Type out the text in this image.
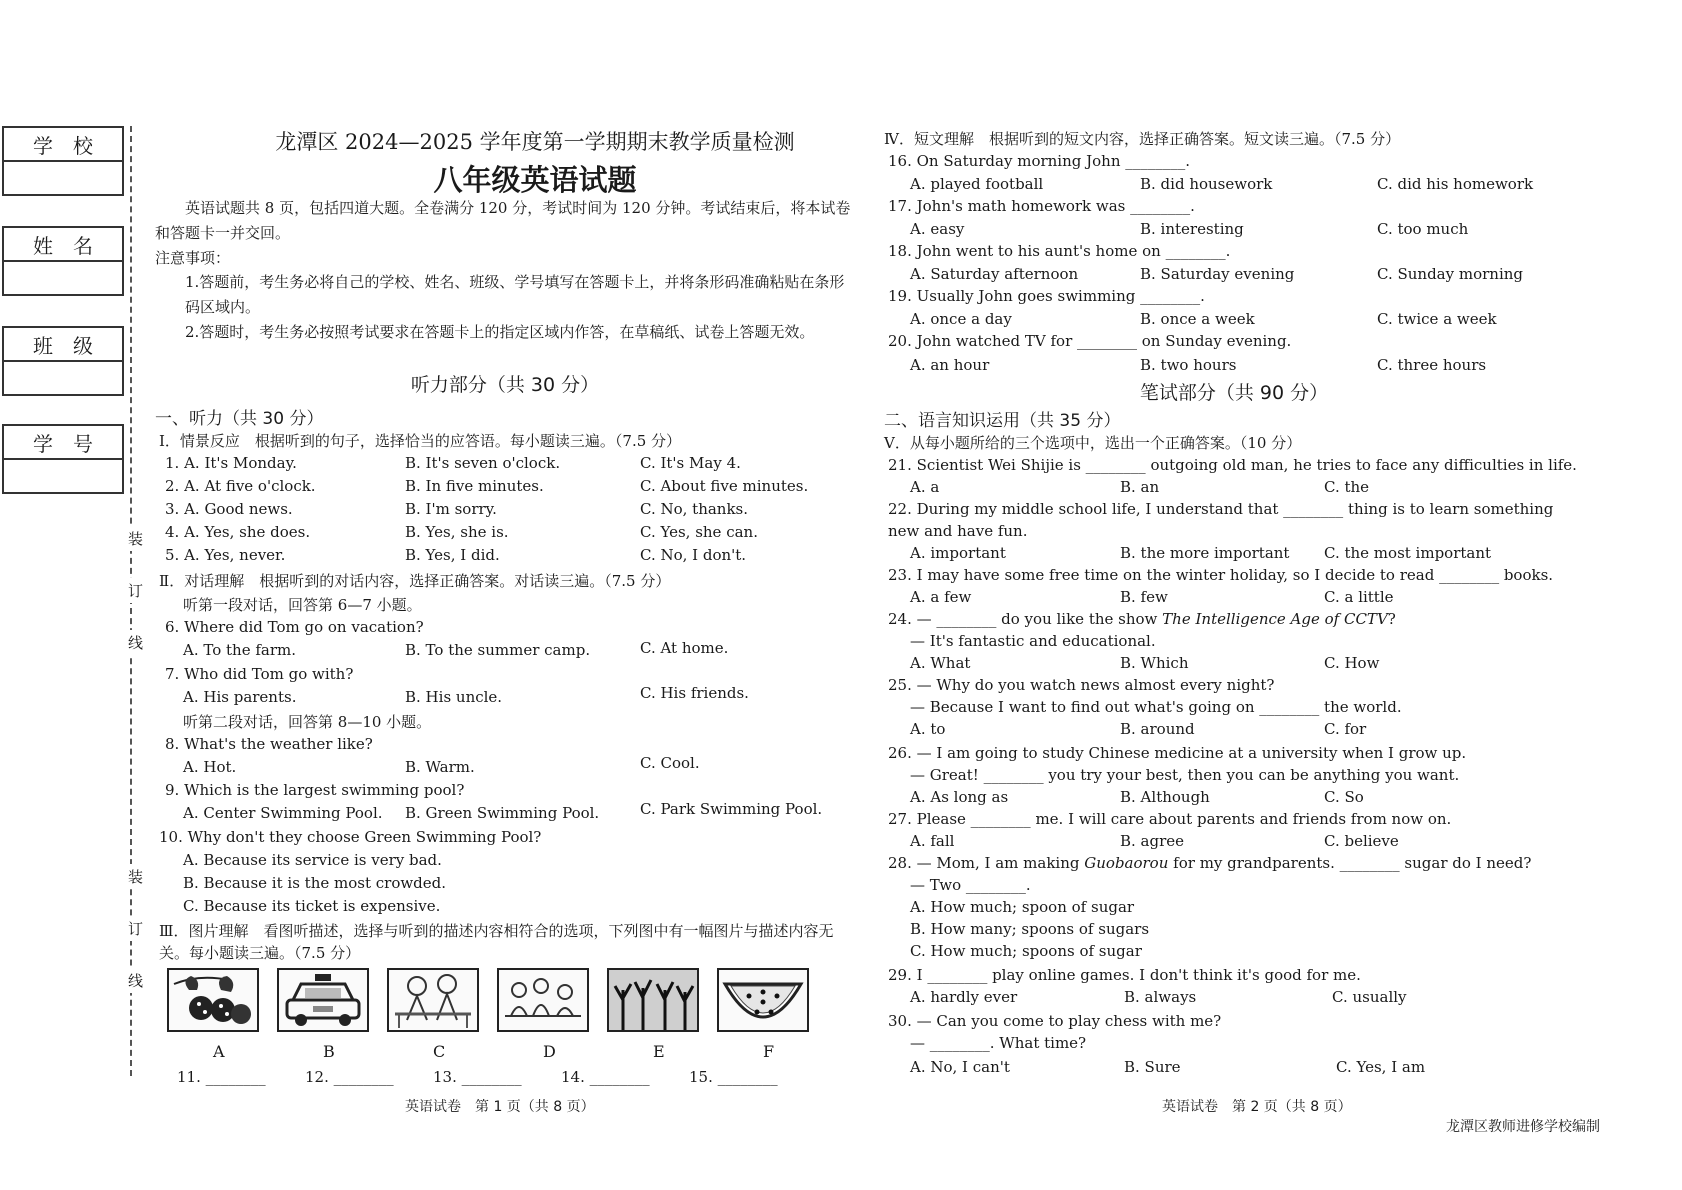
学　校
姓　名
班　级
学　号
装
订
线
装
订
线
龙潭区 2024—2025 学年度第一学期期末教学质量检测
八年级英语试题
英语试题共 8 页，包括四道大题。全卷满分 120 分，考试时间为 120 分钟。考试结束后，将本试卷和答题卡一并交回。
注意事项：
1.答题前，考生务必将自己的学校、姓名、班级、学号填写在答题卡上，并将条形码准确粘贴在条形码区域内。
2.答题时，考生务必按照考试要求在答题卡上的指定区域内作答，在草稿纸、试卷上答题无效。
听力部分（共 30 分）
一、听力（共 30 分）
Ⅰ．情景反应　根据听到的句子，选择恰当的应答语。每小题读三遍。（7.5 分）
1. A. It's Monday.	B. It's seven o'clock.	C. It's May 4.
2. A. At five o'clock.	B. In five minutes.	C. About five minutes.
3. A. Good news.	B. I'm sorry.	C. No, thanks.
4. A. Yes, she does.	B. Yes, she is.	C. Yes, she can.
5. A. Yes, never.	B. Yes, I did.	C. No, I don't.
Ⅱ．对话理解　根据听到的对话内容，选择正确答案。对话读三遍。（7.5 分）
听第一段对话，回答第 6—7 小题。
6. Where did Tom go on vacation?
A. To the farm.	B. To the summer camp.	C. At home.
7. Who did Tom go with?
A. His parents.	B. His uncle.	C. His friends.
听第二段对话，回答第 8—10 小题。
8. What's the weather like?
A. Hot.	B. Warm.	C. Cool.
9. Which is the largest swimming pool?
A. Center Swimming Pool. B. Green Swimming Pool.	C. Park Swimming Pool.
10. Why don't they choose Green Swimming Pool?
A. Because its service is very bad.
B. Because it is the most crowded.
C. Because its ticket is expensive.
Ⅲ．图片理解　看图听描述，选择与听到的描述内容相符合的选项，下列图中有一幅图片与描述内容无关。每小题读三遍。（7.5 分）
A	B	C	D	E	F
11. ________	12. ________	13. ________	14. ________	15. ________
英语试卷　第 1 页（共 8 页）
Ⅳ．短文理解　根据听到的短文内容，选择正确答案。短文读三遍。（7.5 分）
16. On Saturday morning John ________.
A. played football	B. did housework	C. did his homework
17. John's math homework was ________.
A. easy	B. interesting	C. too much
18. John went to his aunt's home on ________.
A. Saturday afternoon	B. Saturday evening	C. Sunday morning
19. Usually John goes swimming ________.
A. once a day	B. once a week	C. twice a week
20. John watched TV for ________ on Sunday evening.
A. an hour	B. two hours	C. three hours
笔试部分（共 90 分）
二、语言知识运用（共 35 分）
Ⅴ．从每小题所给的三个选项中，选出一个正确答案。（10 分）
21. Scientist Wei Shijie is ________ outgoing old man, he tries to face any difficulties in life.
A. a	B. an	C. the
22. During my middle school life, I understand that ________ thing is to learn something new and have fun.
A. important	B. the more important C. the most important
23. I may have some free time on the winter holiday, so I decide to read ________ books.
A. a few	B. few	C. a little
24. — ________ do you like the show The Intelligence Age of CCTV?
— It's fantastic and educational.
A. What	B. Which	C. How
25. — Why do you watch news almost every night?
— Because I want to find out what's going on ________ the world.
A. to	B. around	C. for
26. — I am going to study Chinese medicine at a university when I grow up.
— Great! ________ you try your best, then you can be anything you want.
A. As long as	B. Although	C. So
27. Please ________ me. I will care about parents and friends from now on.
A. fall	B. agree	C. believe
28. — Mom, I am making Guobaorou for my grandparents. ________ sugar do I need?
— Two ________.
A. How much; spoon of sugar
B. How many; spoons of sugars
C. How much; spoons of sugar
29. I ________ play online games. I don't think it's good for me.
A. hardly ever	B. always	C. usually
30. — Can you come to play chess with me?
— ________. What time?
A. No, I can't	B. Sure	C. Yes, I am
英语试卷　第 2 页（共 8 页）
龙潭区教师进修学校编制
